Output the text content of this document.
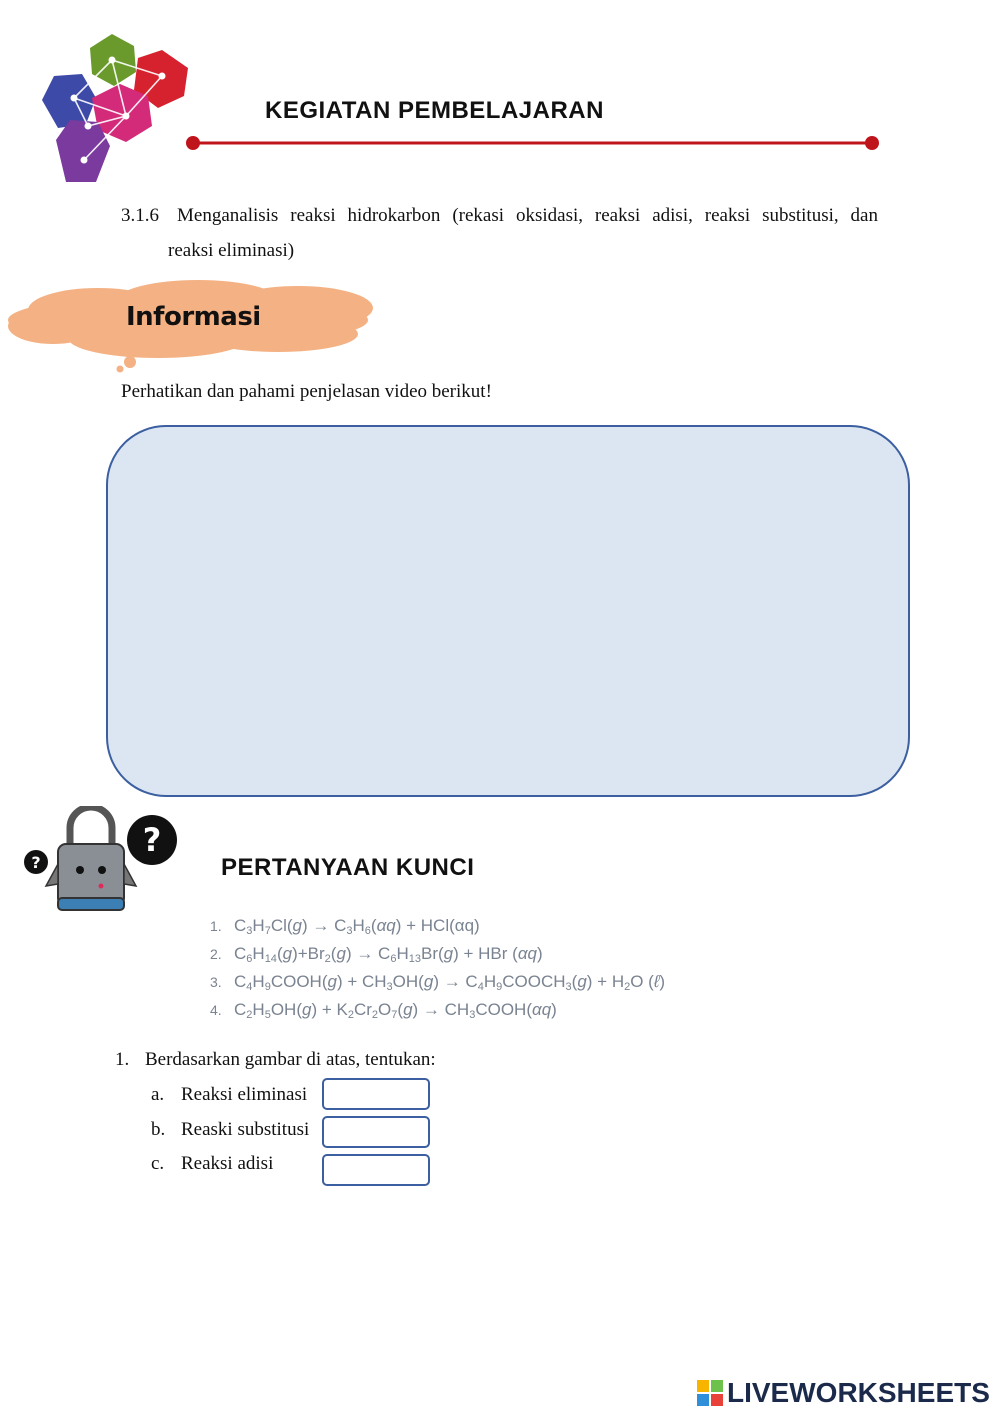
KEGIATAN PEMBELAJARAN
3.1.6 Menganalisis reaksi hidrokarbon (rekasi oksidasi, reaksi adisi, reaksi substitusi, dan
reaksi eliminasi)
Informasi
Perhatikan dan pahami penjelasan video berikut!
?
?	PERTANYAAN KUNCI
1. $C_3H_7Cl(g) \to C_3H_6(\alpha q) + HCl(\alpha q)$
2. $C_6H_{14}(g)+Br_2(g) \to C_6H_{13}Br(g)$ + HBr (αq)
3. $C_4H_9COOH(g) + CH_3OH(g)$ → $C_4H_9COOCH_3(g) + H_2O$ (ℓ)
4. $C_2H_5OH(g) + K_2Cr_2O_7(g)$ → $CH_3COOH(\alpha q)$
1. Berdasarkan gambar di atas, tentukan:
a. Reaksi eliminasi
b. Reaski substitusi
c. Reaksi adisi
LIVEWORKSHEETS
